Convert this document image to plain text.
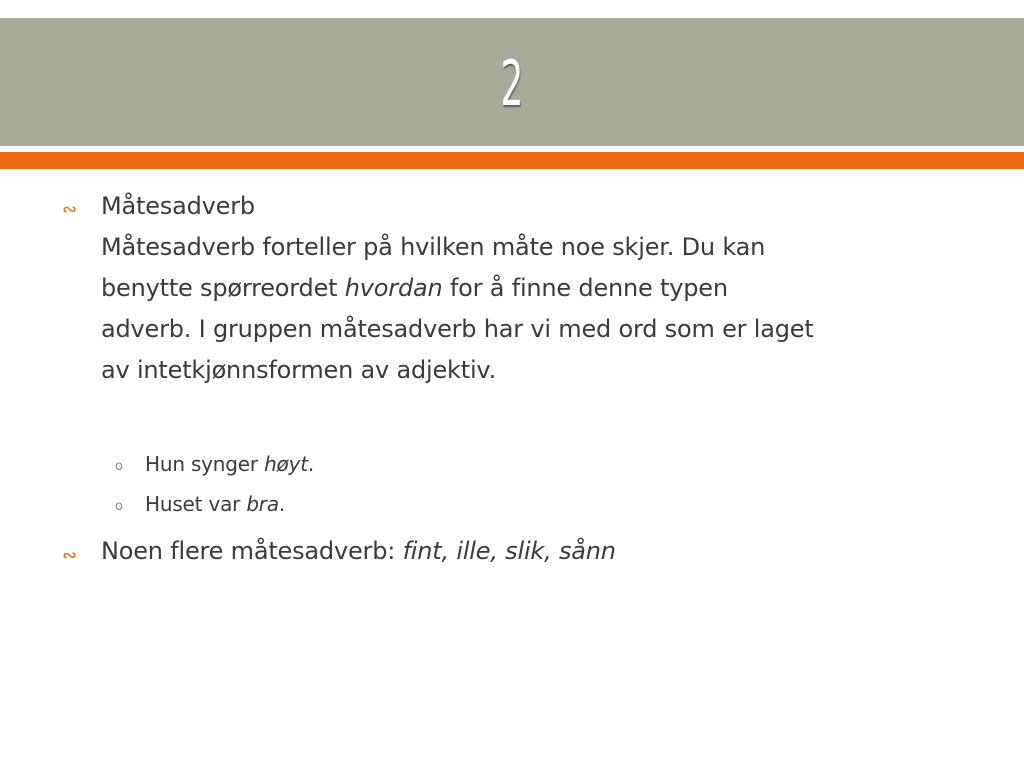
2
∾ Måtesadverb
Måtesadverb forteller på hvilken måte noe skjer. Du kan
benytte spørreordet hvordan for å finne denne typen
adverb. I gruppen måtesadverb har vi med ord som er laget
av intetkjønnsformen av adjektiv.
o Hun synger høyt.
o Huset var bra.
∾ Noen flere måtesadverb: fint, ille, slik, sånn
